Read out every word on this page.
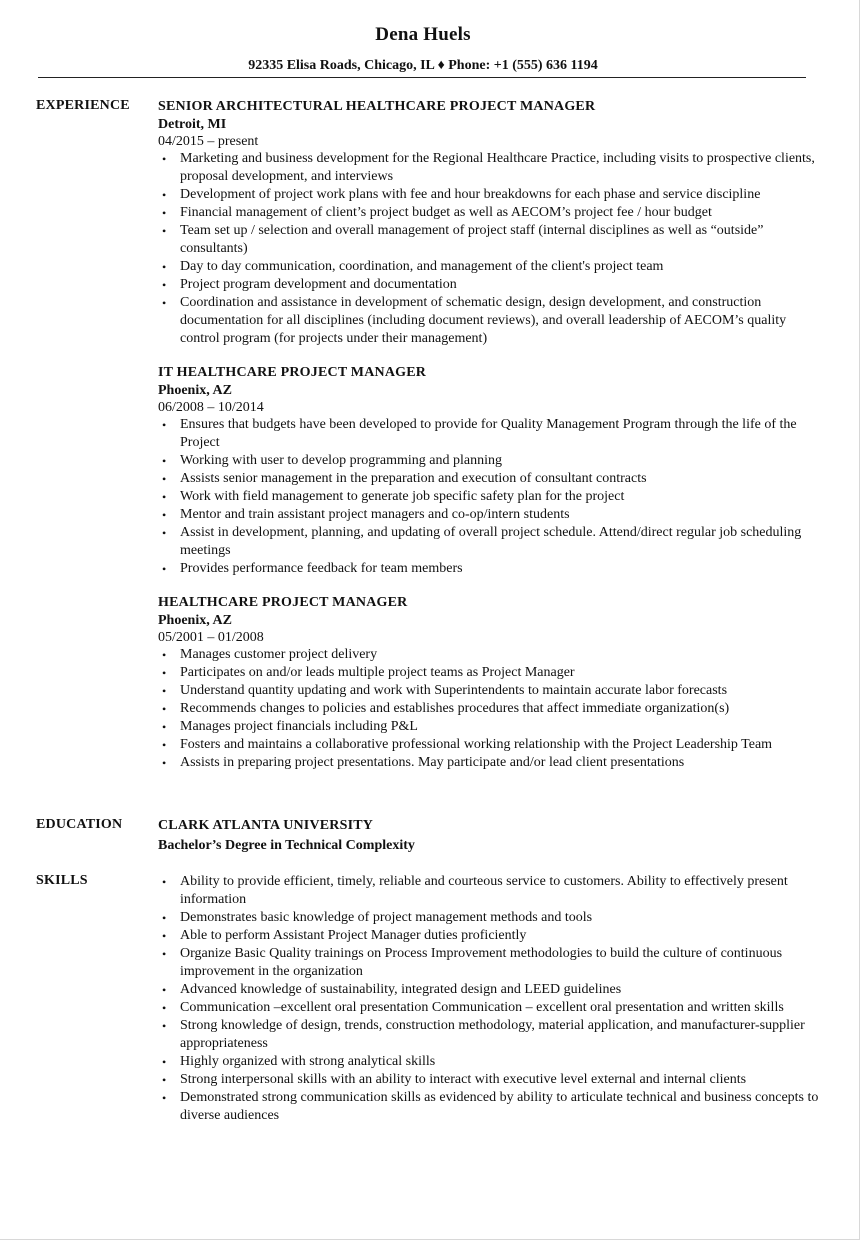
Dena Huels
92335 Elisa Roads, Chicago, IL ♦ Phone: +1 (555) 636 1194
EXPERIENCE SENIOR ARCHITECTURAL HEALTHCARE PROJECT MANAGER
Detroit, MI
04/2015 – present
• Marketing and business development for the Regional Healthcare Practice, including visits to prospective clients, proposal development, and interviews
• Development of project work plans with fee and hour breakdowns for each phase and service discipline
• Financial management of client’s project budget as well as AECOM’s project fee / hour budget
• Team set up / selection and overall management of project staff (internal disciplines as well as “outside” consultants)
• Day to day communication, coordination, and management of the client's project team
• Project program development and documentation
• Coordination and assistance in development of schematic design, design development, and construction documentation for all disciplines (including document reviews), and overall leadership of AECOM’s quality control program (for projects under their management)
IT HEALTHCARE PROJECT MANAGER
Phoenix, AZ
06/2008 – 10/2014
• Ensures that budgets have been developed to provide for Quality Management Program through the life of the Project
• Working with user to develop programming and planning
• Assists senior management in the preparation and execution of consultant contracts
• Work with field management to generate job specific safety plan for the project
• Mentor and train assistant project managers and co-op/intern students
• Assist in development, planning, and updating of overall project schedule. Attend/direct regular job scheduling meetings
• Provides performance feedback for team members
HEALTHCARE PROJECT MANAGER
Phoenix, AZ
05/2001 – 01/2008
• Manages customer project delivery
• Participates on and/or leads multiple project teams as Project Manager
• Understand quantity updating and work with Superintendents to maintain accurate labor forecasts
• Recommends changes to policies and establishes procedures that affect immediate organization(s)
• Manages project financials including P&L
• Fosters and maintains a collaborative professional working relationship with the Project Leadership Team
• Assists in preparing project presentations. May participate and/or lead client presentations
EDUCATION	CLARK ATLANTA UNIVERSITY
Bachelor’s Degree in Technical Complexity
SKILLS	• Ability to provide efficient, timely, reliable and courteous service to customers. Ability to effectively present information
• Demonstrates basic knowledge of project management methods and tools
• Able to perform Assistant Project Manager duties proficiently
• Organize Basic Quality trainings on Process Improvement methodologies to build the culture of continuous improvement in the organization
• Advanced knowledge of sustainability, integrated design and LEED guidelines
• Communication –excellent oral presentation Communication – excellent oral presentation and written skills
• Strong knowledge of design, trends, construction methodology, material application, and manufacturer-supplier appropriateness
• Highly organized with strong analytical skills
• Strong interpersonal skills with an ability to interact with executive level external and internal clients
• Demonstrated strong communication skills as evidenced by ability to articulate technical and business concepts to diverse audiences
